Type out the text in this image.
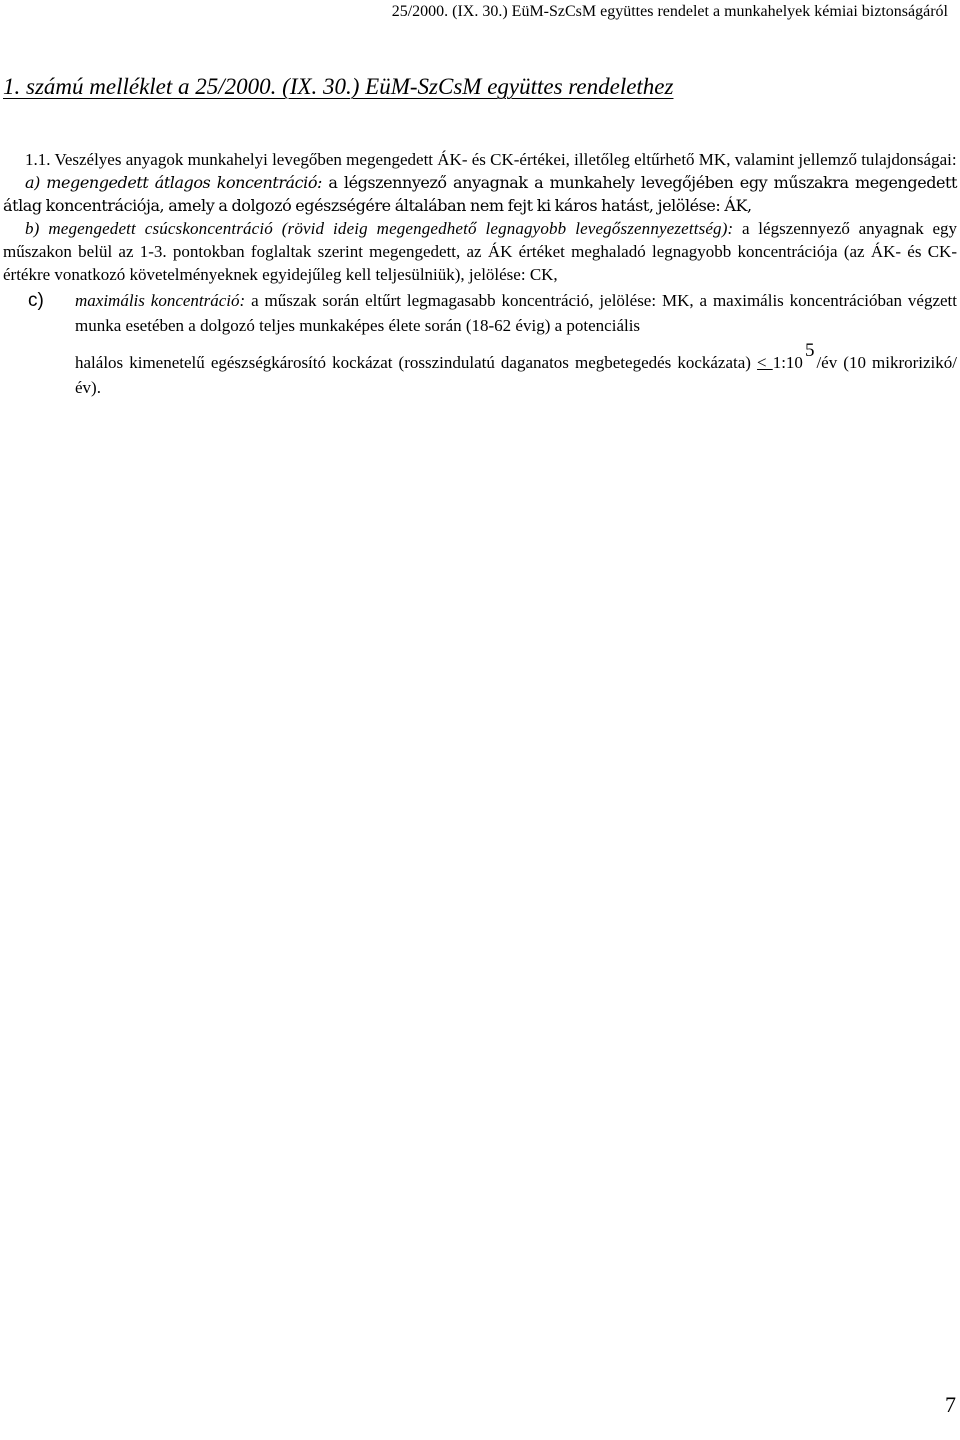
25/2000. (IX. 30.) EüM-SzCsM együttes rendelet a munkahelyek kémiai biztonságáról
1. számú melléklet a 25/2000. (IX. 30.) EüM-SzCsM együttes rendelethez

1.1. Veszélyes anyagok munkahelyi levegőben megengedett ÁK- és CK-értékei, illetőleg eltűrhető MK, valamint jellemző tulajdonságai:

a) megengedett átlagos koncentráció: a légszennyező anyagnak a munkahely levegőjében egy műszakra megengedett átlag koncentrációja, amely a dolgozó egészségére általában nem fejt ki káros hatást, jelölése: ÁK,

b) megengedett csúcskoncentráció (rövid ideig megengedhető legnagyobb levegőszennyezettség): a légszennyező anyagnak egy műszakon belül az 1-3. pontokban foglaltak szerint megengedett, az ÁK értéket meghaladó legnagyobb koncentrációja (az ÁK- és CK-értékre vonatkozó követelményeknek egyidejűleg kell teljesülniük), jelölése: CK,

c) maximális koncentráció: a műszak során eltűrt legmagasabb koncentráció, jelölése: MK, a maximális koncentrációban végzett munka esetében a dolgozó teljes munkaképes élete során (18-62 évig) a potenciális
halálos kimenetelű egészségkárosító kockázat (rosszindulatú daganatos megbetegedés kockázata) < 1:105/év (10 mikrorizikó/év).
7
